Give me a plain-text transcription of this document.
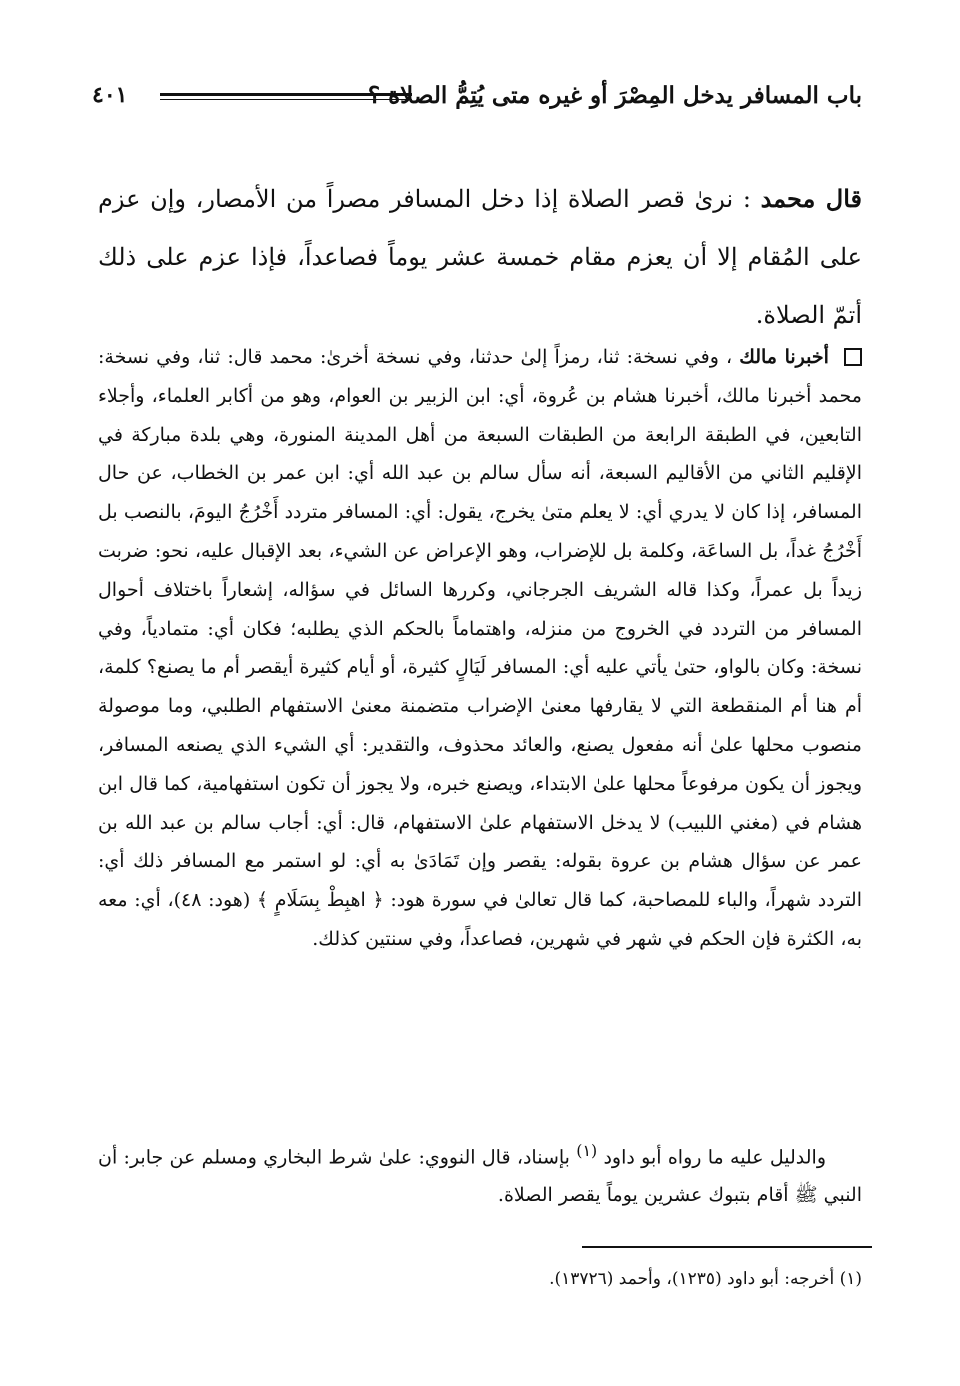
باب المسافر يدخل المِصْرَ أو غيره متى يُتِمُّ الصلاة ؟
٤٠١
قال محمد : نرىٰ قصر الصلاة إذا دخل المسافر مصراً من الأمصار، وإن عزم على المُقام إلا أن يعزم مقام خمسة عشر يوماً فصاعداً، فإذا عزم على ذلك أتمّ الصلاة.
أخبرنا مالك ، وفي نسخة: ثنا، رمزاً إلىٰ حدثنا، وفي نسخة أخرىٰ: محمد قال: ثنا، وفي نسخة: محمد أخبرنا مالك، أخبرنا هشام بن عُروة، أي: ابن الزبير بن العوام، وهو من أكابر العلماء، وأجلاء التابعين، في الطبقة الرابعة من الطبقات السبعة من أهل المدينة المنورة، وهي بلدة مباركة في الإقليم الثاني من الأقاليم السبعة، أنه سأل سالم بن عبد الله أي: ابن عمر بن الخطاب، عن حال المسافر، إذا كان لا يدري أي: لا يعلم متىٰ يخرج، يقول: أي: المسافر متردد أَخْرُجُ اليومَ، بالنصب بل أَخْرُجُ غداً، بل الساعَة، وكلمة بل للإضراب، وهو الإعراض عن الشيء، بعد الإقبال عليه، نحو: ضربت زيداً بل عمراً، وكذا قاله الشريف الجرجاني، وكررها السائل في سؤاله، إشعاراً باختلاف أحوال المسافر من التردد في الخروج من منزله، واهتماماً بالحكم الذي يطلبه؛ فكان أي: متمادياً، وفي نسخة: وكان بالواو، حتىٰ يأتي عليه أي: المسافر لَيَالٍ كثيرة، أو أيام كثيرة أيقصر أم ما يصنع؟ كلمة، أم هنا أم المنقطعة التي لا يقارفها معنىٰ الإضراب متضمنة معنىٰ الاستفهام الطلبي، وما موصولة منصوب محلها علىٰ أنه مفعول يصنع، والعائد محذوف، والتقدير: أي الشيء الذي يصنعه المسافر، ويجوز أن يكون مرفوعاً محلها علىٰ الابتداء، ويصنع خبره، ولا يجوز أن تكون استفهامية، كما قال ابن هشام في (مغني اللبيب) لا يدخل الاستفهام علىٰ الاستفهام، قال: أي: أجاب سالم بن عبد الله بن عمر عن سؤال هشام بن عروة بقوله: يقصر وإن تَمَادَىٰ به أي: لو استمر مع المسافر ذلك أي: التردد شهراً، والباء للمصاحبة، كما قال تعالىٰ في سورة هود: ﴿ اهبِطْ بِسَلَامٍ ﴾ (هود: ٤٨)، أي: معه به، الكثرة فإن الحكم في شهر في شهرين، فصاعداً، وفي سنتين كذلك.
والدليل عليه ما رواه أبو داود $^{(١)}$ بإسناد، قال النووي: علىٰ شرط البخاري ومسلم عن جابر: أن النبي ﷺ أقام بتبوك عشرين يوماً يقصر الصلاة.
(١) أخرجه: أبو داود (١٢٣٥)، وأحمد (١٣٧٢٦).
